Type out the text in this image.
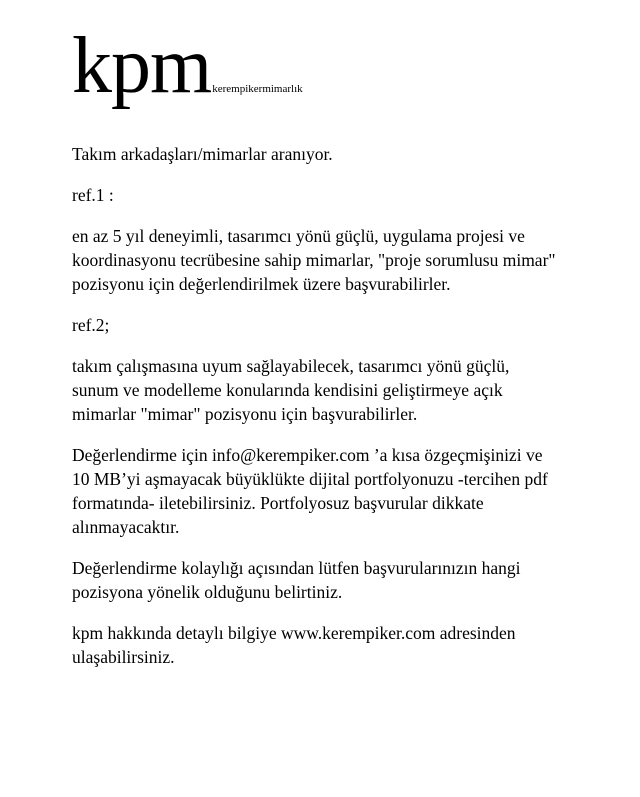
kpm kerempikermimarlık

Takım arkadaşları/mimarlar aranıyor.

ref.1 :

en az 5 yıl deneyimli, tasarımcı yönü güçlü, uygulama projesi ve
koordinasyonu tecrübesine sahip mimarlar, "proje sorumlusu mimar"
pozisyonu için değerlendirilmek üzere başvurabilirler.

ref.2;

takım çalışmasına uyum sağlayabilecek, tasarımcı yönü güçlü,
sunum ve modelleme konularında kendisini geliştirmeye açık
mimarlar "mimar" pozisyonu için başvurabilirler.

Değerlendirme için info@kerempiker.com ’a kısa özgeçmişinizi ve
10 MB’yi aşmayacak büyüklükte dijital portfolyonuzu -tercihen pdf
formatında- iletebilirsiniz. Portfolyosuz başvurular dikkate
alınmayacaktır.

Değerlendirme kolaylığı açısından lütfen başvurularınızın hangi
pozisyona yönelik olduğunu belirtiniz.

kpm hakkında detaylı bilgiye www.kerempiker.com adresinden
ulaşabilirsiniz.
